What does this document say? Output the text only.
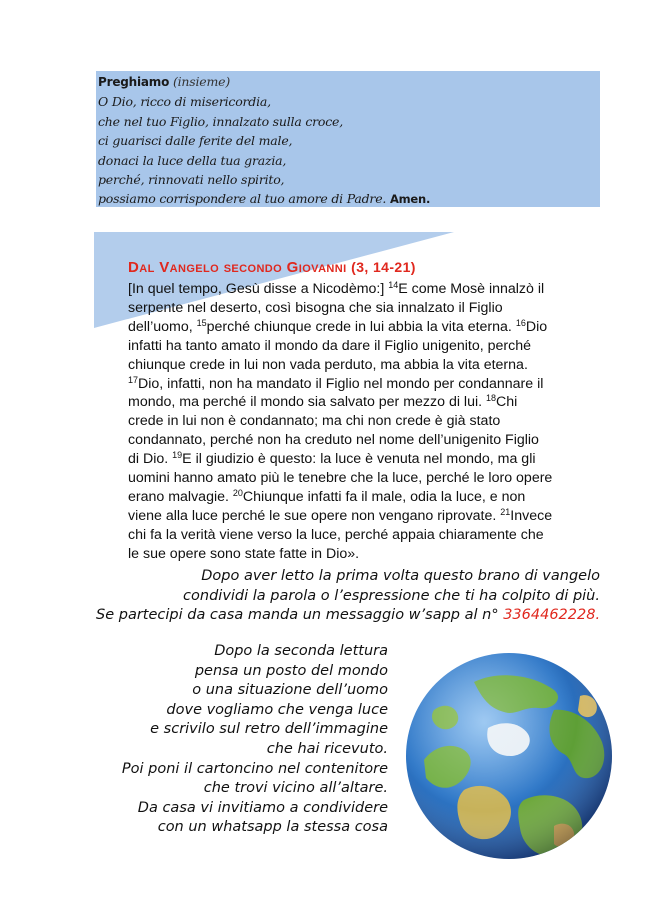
Preghiamo (insieme)
O Dio, ricco di misericordia,
che nel tuo Figlio, innalzato sulla croce,
ci guarisci dalle ferite del male,
donaci la luce della tua grazia,
perché, rinnovati nello spirito,
possiamo corrispondere al tuo amore di Padre. Amen.
Dal Vangelo secondo Giovanni (3, 14-21)
[In quel tempo, Gesù disse a Nicodèmo:] $^{14}$E come Mosè innalzò il
serpente nel deserto, così bisogna che sia innalzato il Figlio
dell’uomo, $^{15}$perché chiunque crede in lui abbia la vita eterna. $^{16}$Dio
infatti ha tanto amato il mondo da dare il Figlio unigenito, perché
chiunque crede in lui non vada perduto, ma abbia la vita eterna.
$^{17}$Dio, infatti, non ha mandato il Figlio nel mondo per condannare il
mondo, ma perché il mondo sia salvato per mezzo di lui. $^{18}$Chi
crede in lui non è condannato; ma chi non crede è già stato
condannato, perché non ha creduto nel nome dell’unigenito Figlio
di Dio. $^{19}$E il giudizio è questo: la luce è venuta nel mondo, ma gli
uomini hanno amato più le tenebre che la luce, perché le loro opere
erano malvagie. $^{20}$Chiunque infatti fa il male, odia la luce, e non
viene alla luce perché le sue opere non vengano riprovate. $^{21}$Invece
chi fa la verità viene verso la luce, perché appaia chiaramente che
le sue opere sono state fatte in Dio».
Dopo aver letto la prima volta questo brano di vangelo
condividi la parola o l’espressione che ti ha colpito di più.
Se partecipi da casa manda un messaggio w’sapp al n° 3364462228.
Dopo la seconda lettura
pensa un posto del mondo
o una situazione dell’uomo
dove vogliamo che venga luce
e scrivilo sul retro dell’immagine
che hai ricevuto.
Poi poni il cartoncino nel contenitore
che trovi vicino all’altare.
Da casa vi invitiamo a condividere
con un whatsapp la stessa cosa
